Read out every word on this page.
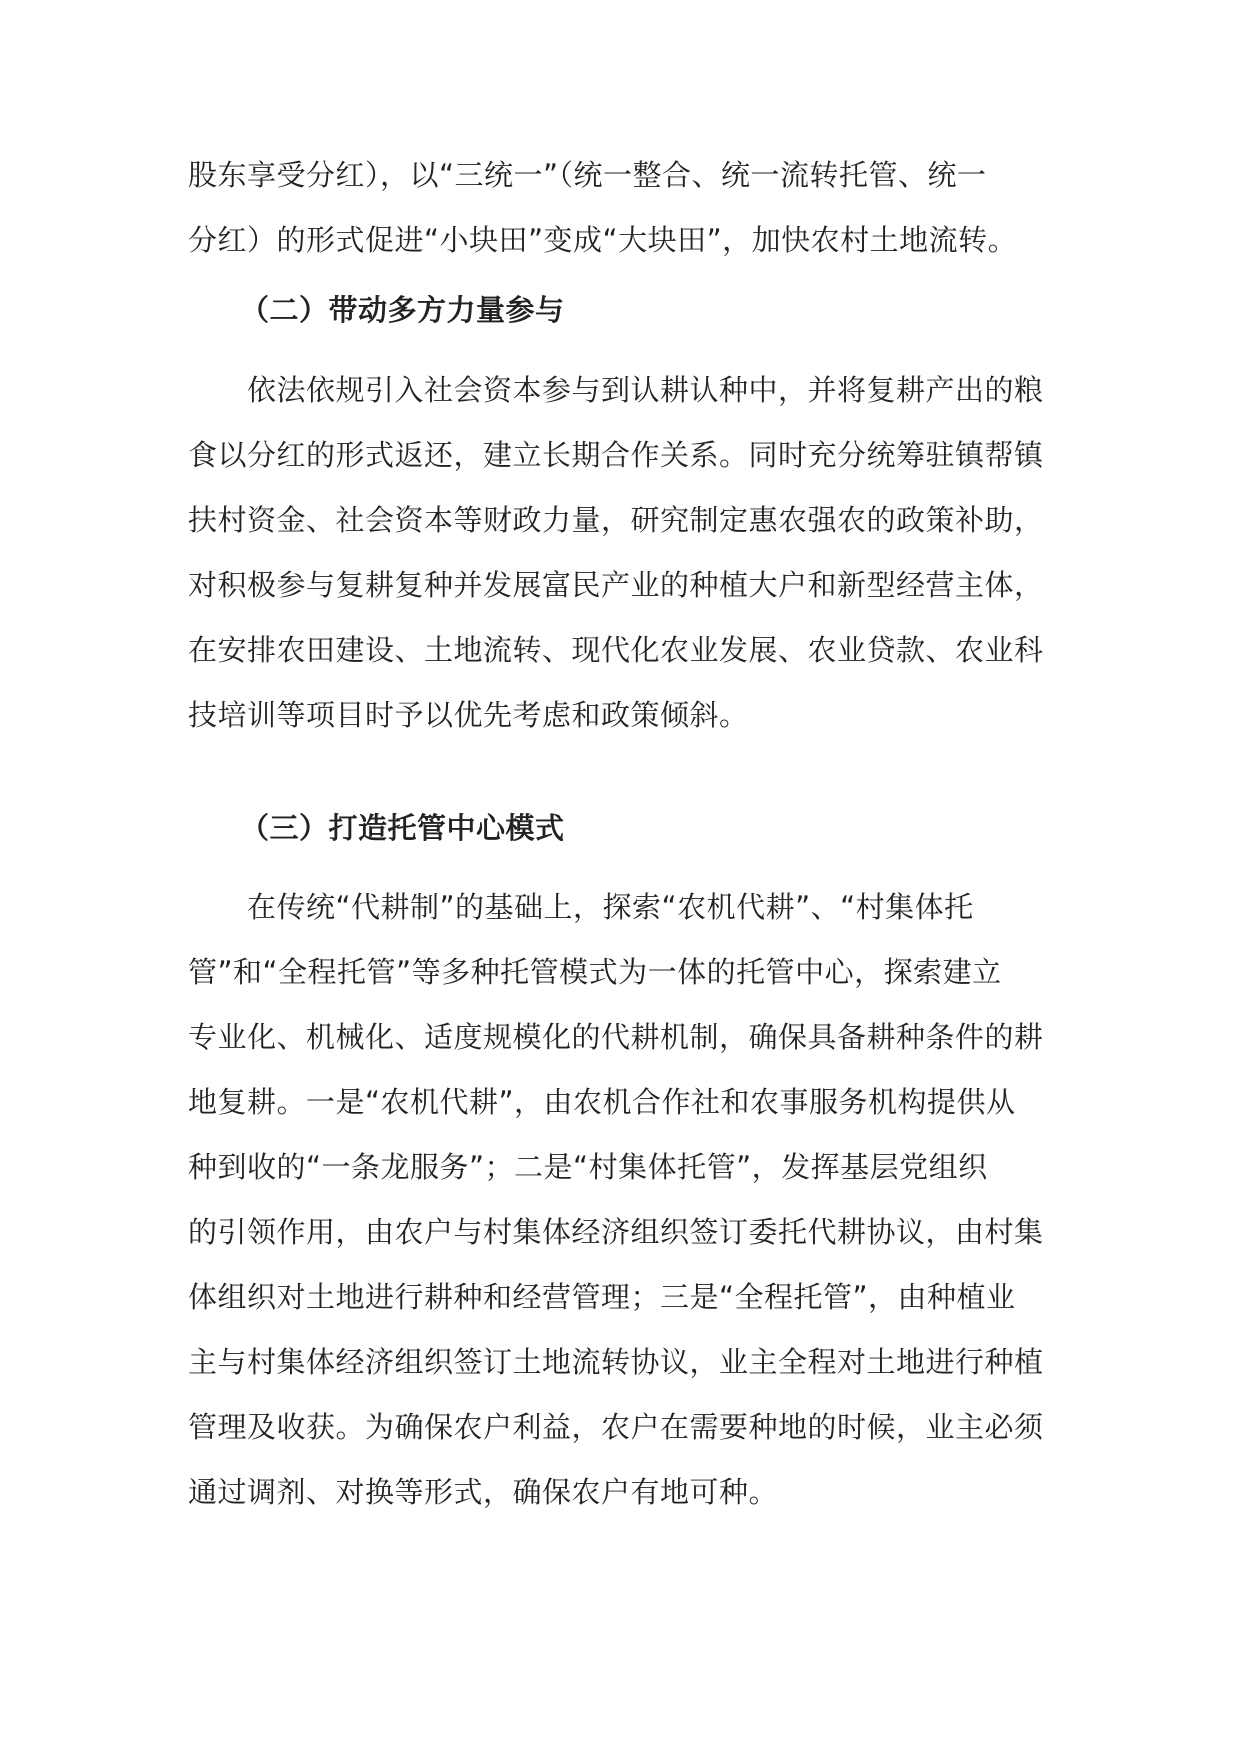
股东享受分红），以“三统一”（统一整合、统一流转托管、统一
分红）的形式促进“小块田”变成“大块田”，加快农村土地流转。
（二）带动多方力量参与
　　依法依规引入社会资本参与到认耕认种中，并将复耕产出的粮
食以分红的形式返还，建立长期合作关系。同时充分统筹驻镇帮镇
扶村资金、社会资本等财政力量，研究制定惠农强农的政策补助，
对积极参与复耕复种并发展富民产业的种植大户和新型经营主体，
在安排农田建设、土地流转、现代化农业发展、农业贷款、农业科
技培训等项目时予以优先考虑和政策倾斜。
（三）打造托管中心模式
　　在传统“代耕制”的基础上，探索“农机代耕”、“村集体托
管”和“全程托管”等多种托管模式为一体的托管中心，探索建立
专业化、机械化、适度规模化的代耕机制，确保具备耕种条件的耕
地复耕。一是“农机代耕”，由农机合作社和农事服务机构提供从
种到收的“一条龙服务”；二是“村集体托管”，发挥基层党组织
的引领作用，由农户与村集体经济组织签订委托代耕协议，由村集
体组织对土地进行耕种和经营管理；三是“全程托管”，由种植业
主与村集体经济组织签订土地流转协议，业主全程对土地进行种植
管理及收获。为确保农户利益，农户在需要种地的时候，业主必须
通过调剂、对换等形式，确保农户有地可种。
